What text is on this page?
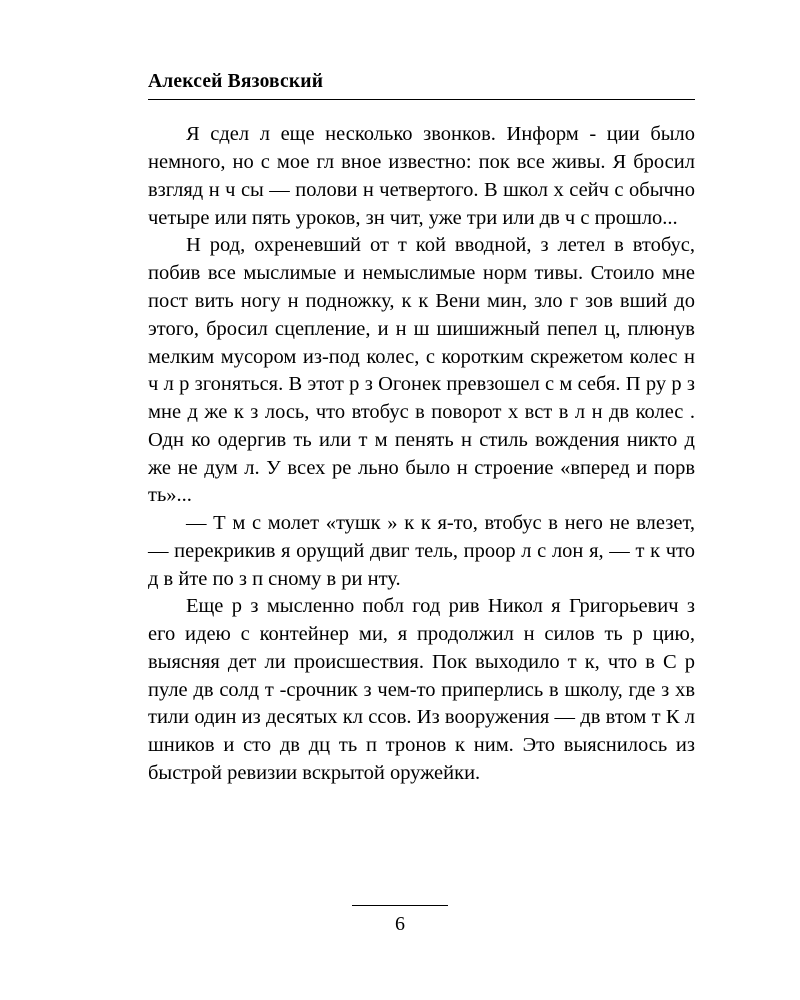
Алексей Вязовский

Я сдел л еще несколько звонков. Информ - ции было немного, но с мое гл вное известно: пок все живы. Я бросил взгляд н ч сы — полови н четвертого. В школ х сейч с обычно четыре или пять уроков, зн чит, уже три или дв ч с прошло...

Н род, охреневший от т кой вводной, з летел в втобус, побив все мыслимые и немыслимые норм тивы. Стоило мне пост вить ногу н подножку, к к Вени мин, зло г зов вший до этого, бросил сцепление, и н ш шишижный пепел ц, плюнув мелким мусором из-под колес, с коротким скрежетом колес н ч л р згоняться. В этот р з Огонек превзошел с м себя. П ру р з мне д же к з лось, что втобус в поворот х вст в л н дв колес . Одн ко одергив ть или т м пенять н стиль вождения никто д же не дум л. У всех ре льно было н строение «вперед и порв ть»...

— Т м с молет «тушк » к к я-то, втобус в него не влезет, — перекрикив я орущий двиг тель, проор л с лон я, — т к что д в йте по з п сному в ри нту.

Еще р з мысленно побл год рив Никол я Григорьевич з его идею с контейнер ми, я продолжил н силов ть р цию, выясняя дет ли происшествия. Пок выходило т к, что в С р пуле дв солд т -срочник з чем-то приперлись в школу, где з хв тили один из десятых кл ссов. Из вооружения — дв втом т К л шников и сто дв дц ть п тронов к ним. Это выяснилось из быстрой ревизии вскрытой оружейки.

6
